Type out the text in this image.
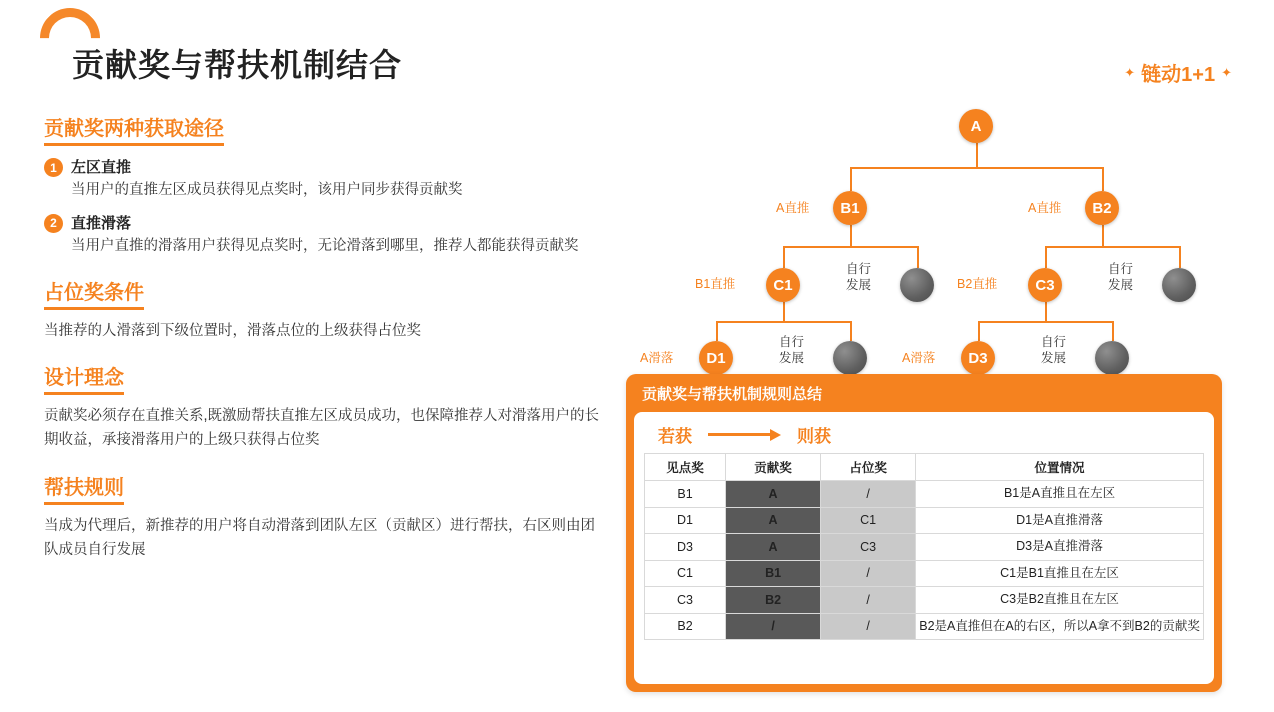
贡献奖与帮扶机制结合	✦ 链动1+1 ✦
贡献奖两种获取途径
1 左区直推
当用户的直推左区成员获得见点奖时，该用户同步获得贡献奖
2 直推滑落
当用户直推的滑落用户获得见点奖时，无论滑落到哪里，推荐人都能获得贡献奖
占位奖条件
当推荐的人滑落到下级位置时，滑落点位的上级获得占位奖
设计理念
贡献奖必须存在直推关系,既激励帮扶直推左区成员成功，也保障推荐人对滑落用户的长期收益，承接滑落用户的上级只获得占位奖
帮扶规则
当成为代理后，新推荐的用户将自动滑落到团队左区（贡献区）进行帮扶，右区则由团队成员自行发展
A
B1
A直推	B2
A直推
C1
B1直推
自行
发展	C3
B2直推
自行
发展
D1
A滑落
自行
发展	D3
A滑落
自行
发展
贡献奖与帮扶机制规则总结
若获	则获
见点奖	贡献奖	占位奖	位置情况
B1	A	/	B1是A直推且在左区
D1	A	C1	D1是A直推滑落
D3	A	C3	D3是A直推滑落
C1	B1	/	C1是B1直推且在左区
C3	B2	/	C3是B2直推且在左区
B2	/	/	B2是A直推但在A的右区，所以A拿不到B2的贡献奖
